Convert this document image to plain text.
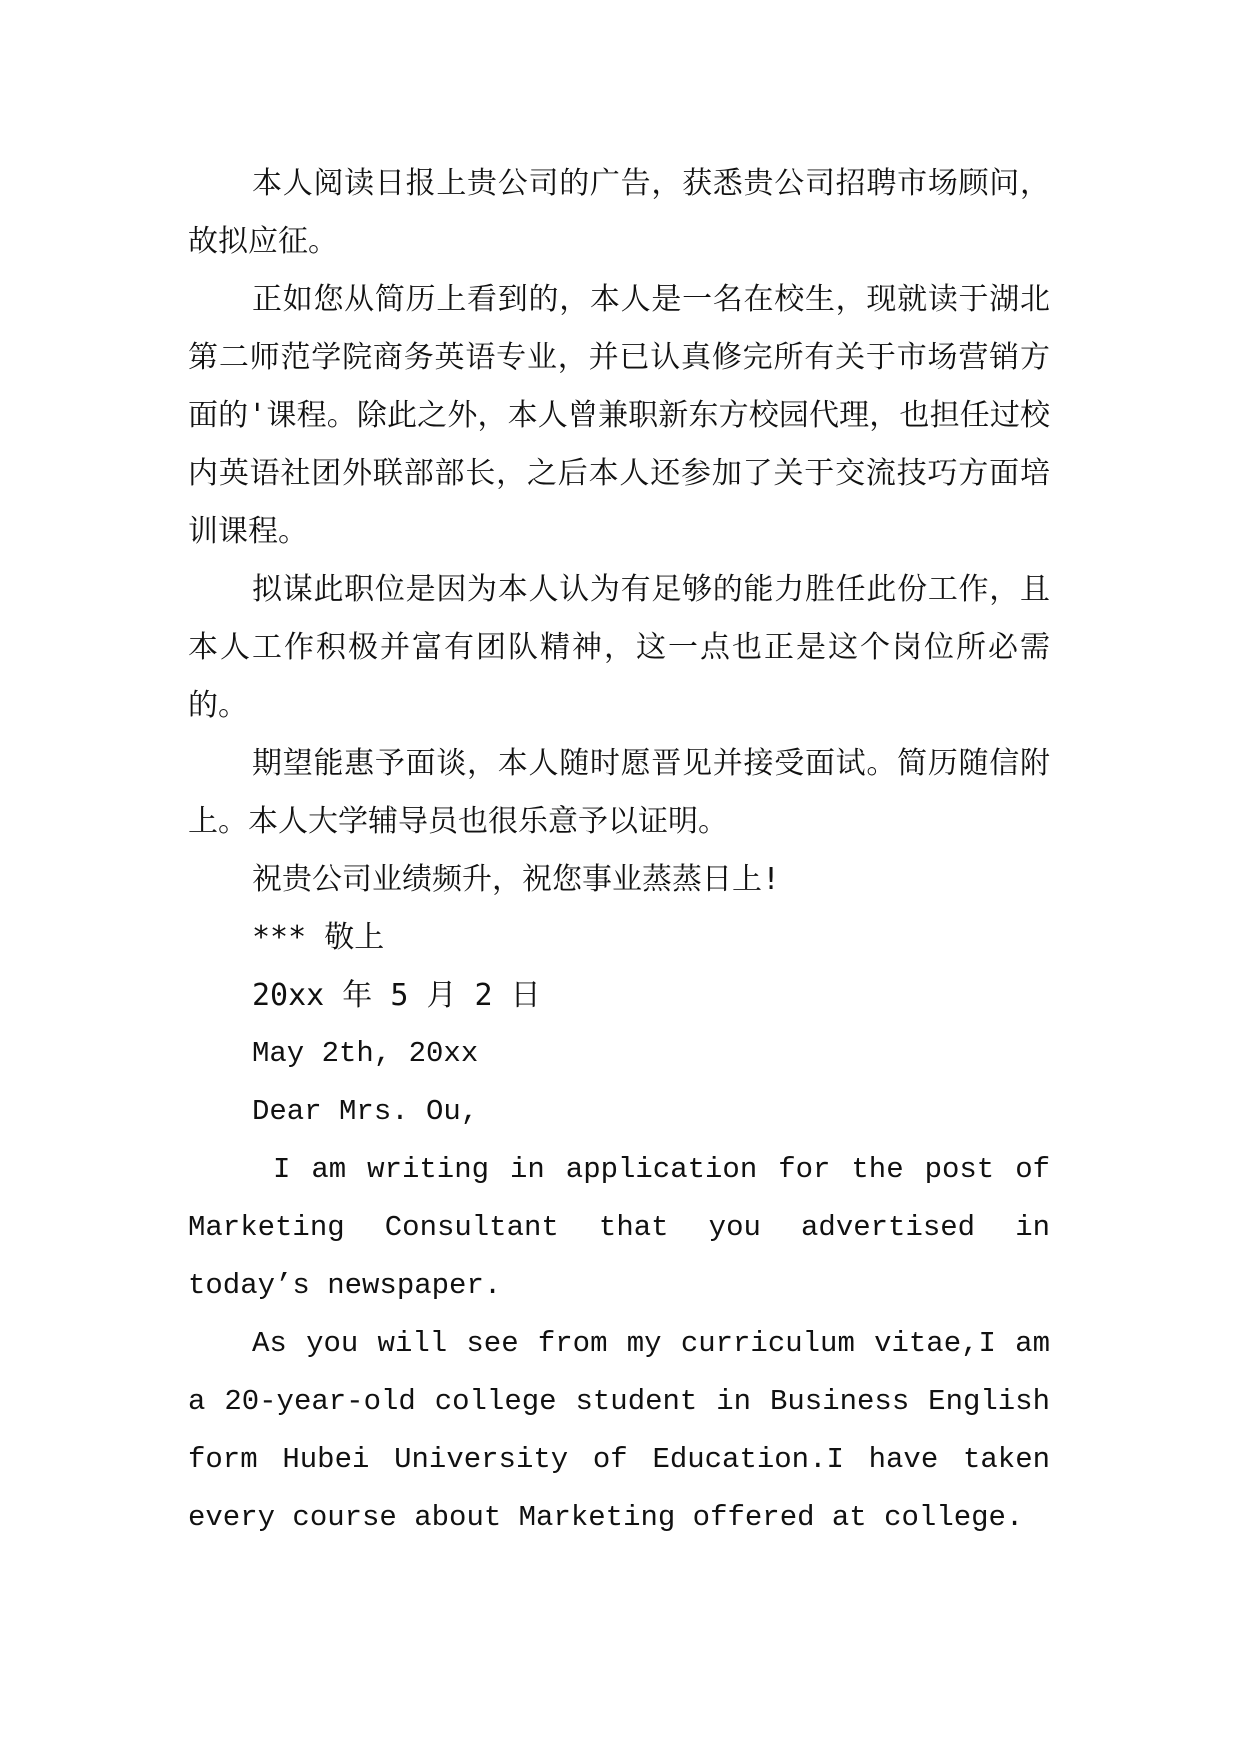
本人阅读日报上贵公司的广告，获悉贵公司招聘市场顾问，故拟应征。

正如您从简历上看到的，本人是一名在校生，现就读于湖北第二师范学院商务英语专业，并已认真修完所有关于市场营销方面的'课程。除此之外，本人曾兼职新东方校园代理，也担任过校内英语社团外联部部长，之后本人还参加了关于交流技巧方面培训课程。

拟谋此职位是因为本人认为有足够的能力胜任此份工作，且本人工作积极并富有团队精神，这一点也正是这个岗位所必需的。

期望能惠予面谈，本人随时愿晋见并接受面试。简历随信附上。本人大学辅导员也很乐意予以证明。

祝贵公司业绩频升，祝您事业蒸蒸日上!

*** 敬上

20xx 年 5 月 2 日

May 2th, 20xx

Dear Mrs. Ou,

I am writing in application for the post of Marketing Consultant that you advertised in today’s newspaper.

As you will see from my curriculum vitae,I am a 20-year-old college student in Business English form Hubei University of Education.I have taken every course about Marketing offered at college.
